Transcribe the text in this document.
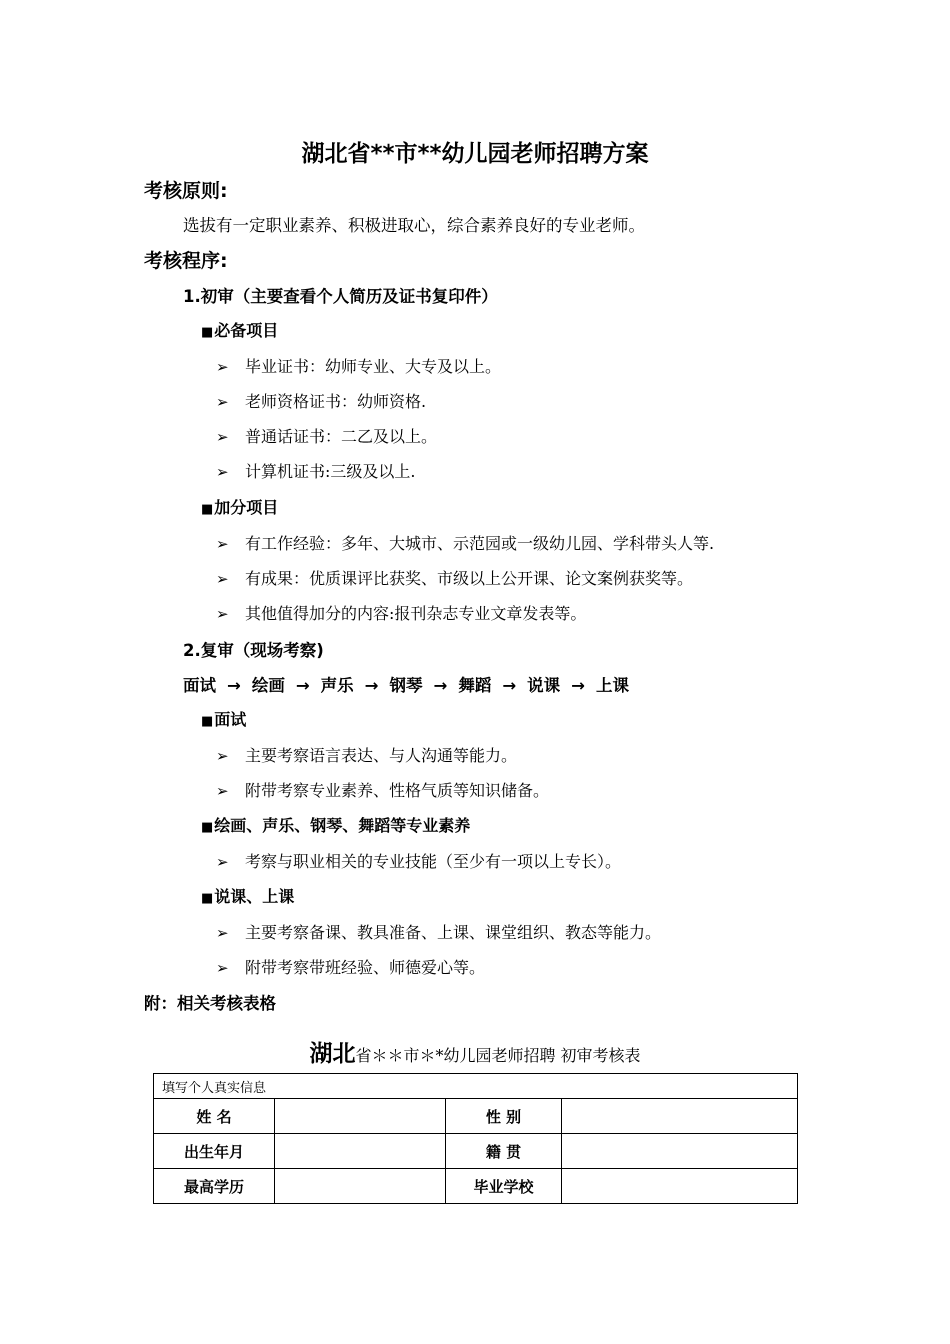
湖北省**市**幼儿园老师招聘方案
考核原则:
选拔有一定职业素养、积极进取心，综合素养良好的专业老师。
考核程序:
1.初审（主要查看个人简历及证书复印件）
■必备项目
➢ 毕业证书：幼师专业、大专及以上。
➢ 老师资格证书：幼师资格.
➢ 普通话证书：二乙及以上。
➢ 计算机证书:三级及以上.
■加分项目
➢ 有工作经验：多年、大城市、示范园或一级幼儿园、学科带头人等.
➢ 有成果：优质课评比获奖、市级以上公开课、论文案例获奖等。
➢ 其他值得加分的内容:报刊杂志专业文章发表等。
2.复审（现场考察)
面试 → 绘画 → 声乐 → 钢琴 → 舞蹈 → 说课 → 上课
■面试
➢ 主要考察语言表达、与人沟通等能力。
➢ 附带考察专业素养、性格气质等知识储备。
■绘画、声乐、钢琴、舞蹈等专业素养
➢ 考察与职业相关的专业技能（至少有一项以上专长）。
■说课、上课
➢ 主要考察备课、教具准备、上课、课堂组织、教态等能力。
➢ 附带考察带班经验、师德爱心等。
附：相关考核表格
湖北省＊＊市＊*幼儿园老师招聘 初审考核表
填写个人真实信息			
姓 名		性 别	
出生年月		籍 贯	
最高学历		毕业学校	
